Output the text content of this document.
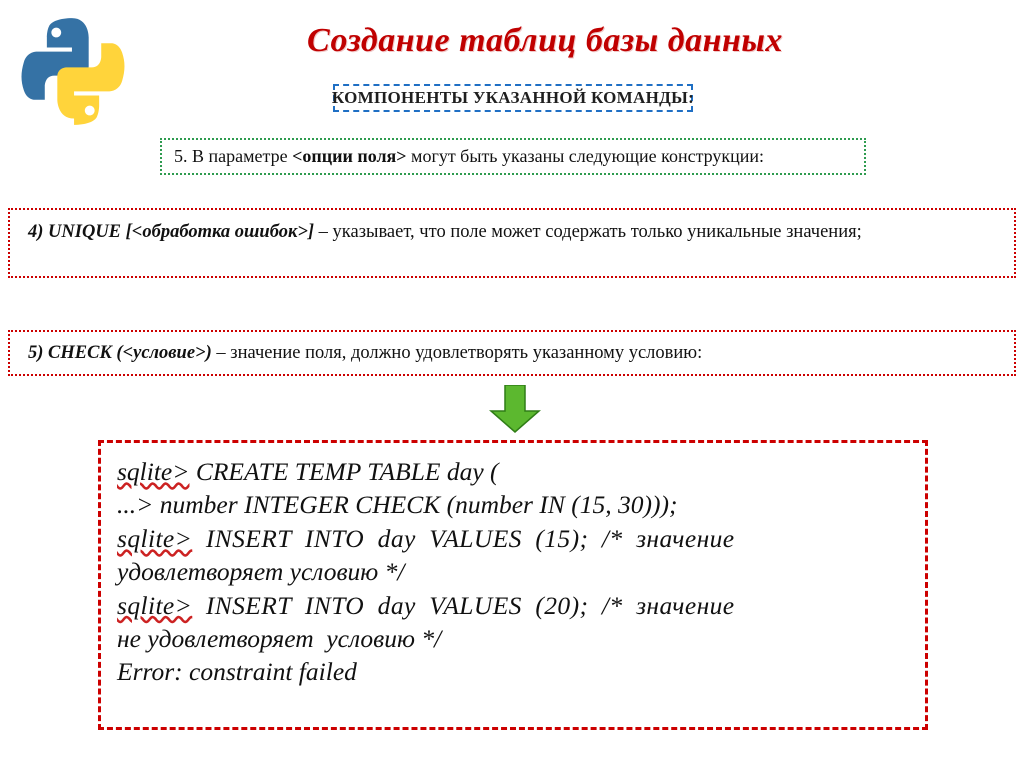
Создание таблиц базы данных
КОМПОНЕНТЫ УКАЗАННОЙ КОМАНДЫ:
5. В параметре <опции поля> могут быть указаны следующие конструкции:

4) UNIQUE [<обработка ошибок>] – указывает, что поле может содержать только уникальные значения;

5) CHECK (<условие>) – значение поля, должно удовлетворять указанному условию:

sqlite> CREATE TEMP TABLE day (
...> number INTEGER CHECK (number IN (15, 30)));
sqlite>  INSERT  INTO  day  VALUES  (15);  /*  значение
удовлетворяет условию */
sqlite>  INSERT  INTO  day  VALUES  (20);  /*  значение
не удовлетворяет  условию */
Error: constraint failed
